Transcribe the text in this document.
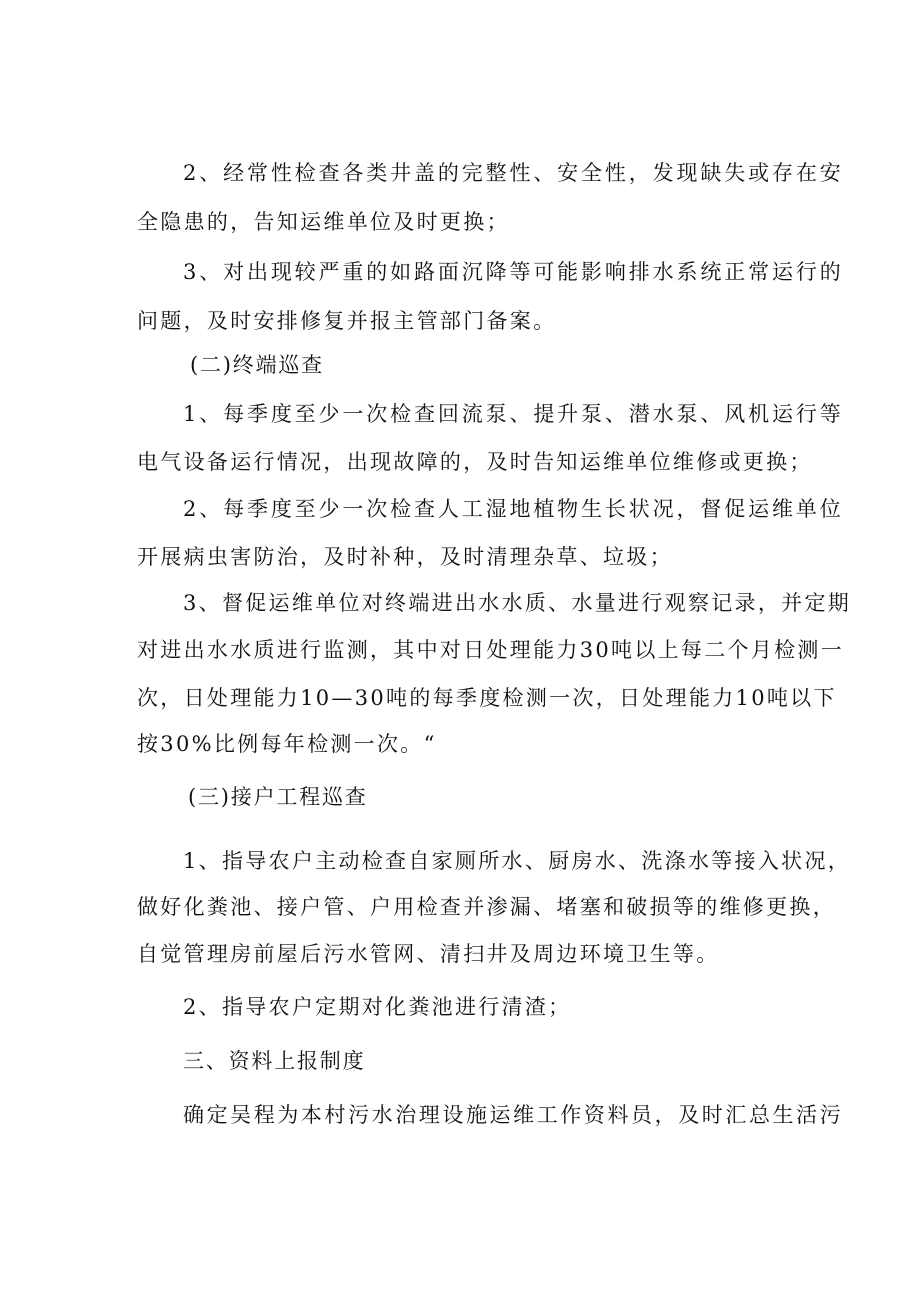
2、经常性检查各类井盖的完整性、安全性，发现缺失或存在安
全隐患的，告知运维单位及时更换；
3、对出现较严重的如路面沉降等可能影响排水系统正常运行的
问题，及时安排修复并报主管部门备案。
(二)终端巡查
1、每季度至少一次检查回流泵、提升泵、潜水泵、风机运行等
电气设备运行情况，出现故障的，及时告知运维单位维修或更换；
2、每季度至少一次检查人工湿地植物生长状况，督促运维单位
开展病虫害防治，及时补种，及时清理杂草、垃圾；
3、督促运维单位对终端进出水水质、水量进行观察记录，并定期
对进出水水质进行监测，其中对日处理能力30吨以上每二个月检测一
次，日处理能力10—30吨的每季度检测一次，日处理能力10吨以下
按30%比例每年检测一次。“
(三)接户工程巡查
1、指导农户主动检查自家厕所水、厨房水、洗涤水等接入状况，
做好化粪池、接户管、户用检查并渗漏、堵塞和破损等的维修更换，
自觉管理房前屋后污水管网、清扫井及周边环境卫生等。
2、指导农户定期对化粪池进行清渣；
三、资料上报制度
确定吴程为本村污水治理设施运维工作资料员，及时汇总生活污
